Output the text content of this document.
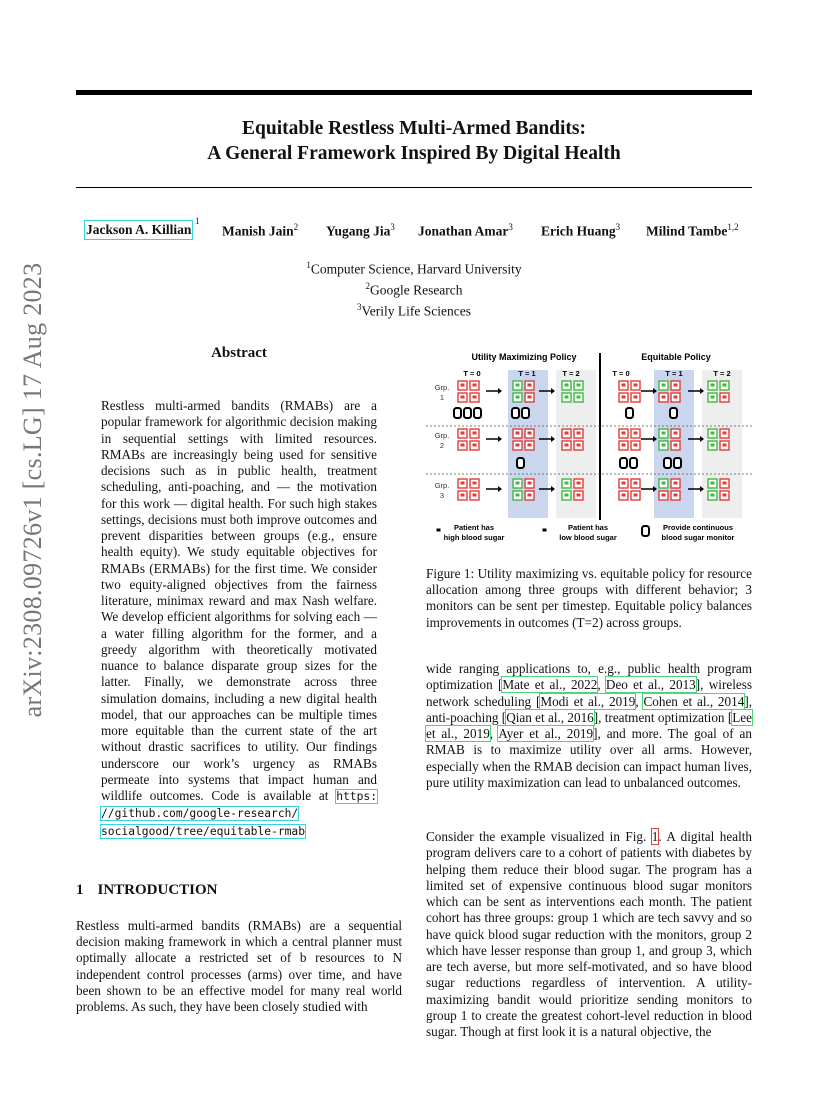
Equitable Restless Multi-Armed Bandits:
A General Framework Inspired By Digital Health
Jackson A. Killian
1
Manish Jain$^2$ Yugang Jia$^3$ Jonathan Amar$^3$ Erich Huang$^3$ Milind Tambe$^{1,2}$
$^1$Computer Science, Harvard University
$^2$Google Research
$^3$Verily Life Sciences
arXiv:2308.09726v1 [cs.LG] 17 Aug 2023	Abstract
Restless multi-armed bandits (RMABs) are a popular framework for algorithmic decision making in sequential settings with limited resources. RMABs are increasingly being used for sensitive decisions such as in public health, treatment scheduling, anti-poaching, and — the motivation for this work — digital health. For such high stakes settings, decisions must both improve outcomes and prevent disparities between groups (e.g., ensure health equity). We study equitable objectives for RMABs (ERMABs) for the first time. We consider two equity-aligned objectives from the fairness literature, minimax reward and max Nash welfare. We develop efficient algorithms for solving each — a water filling algorithm for the former, and a greedy algorithm with theoretically motivated nuance to balance disparate group sizes for the latter. Finally, we demonstrate across three simulation domains, including a new digital health model, that our approaches can be multiple times more equitable than the current state of the art without drastic sacrifices to utility. Our findings underscore our work’s urgency as RMABs permeate into systems that impact human and wildlife outcomes. Code is available at https: //github.com/google-research/ socialgood/tree/equitable-rmab
1 INTRODUCTION
Restless multi-armed bandits (RMABs) are a sequential decision making framework in which a central planner must optimally allocate a restricted set of b resources to N independent control processes (arms) over time, and have been shown to be an effective model for many real world problems. As such, they have been closely studied with
Utility Maximizing Policy	Equitable Policy
T = 0	T = 1	T = 2	T = 0	T = 1	T = 2
Grp.
1
Grp.
2
Grp.
3
Patient has
high blood sugar
Patient has
low blood sugar
Provide continuous
blood sugar monitor
Figure 1: Utility maximizing vs. equitable policy for resource allocation among three groups with different behavior; 3 monitors can be sent per timestep. Equitable policy balances improvements in outcomes (T=2) across groups.
wide ranging applications to, e.g., public health program optimization [Mate et al., 2022, Deo et al., 2013], wireless network scheduling [Modi et al., 2019, Cohen et al., 2014], anti-poaching [Qian et al., 2016], treatment optimization [Lee et al., 2019, Ayer et al., 2019], and more. The goal of an RMAB is to maximize utility over all arms. However, especially when the RMAB decision can impact human lives, pure utility maximization can lead to unbalanced outcomes.
Consider the example visualized in Fig. 1. A digital health program delivers care to a cohort of patients with diabetes by helping them reduce their blood sugar. The program has a limited set of expensive continuous blood sugar monitors which can be sent as interventions each month. The patient cohort has three groups: group 1 which are tech savvy and so have quick blood sugar reduction with the monitors, group 2 which have lesser response than group 1, and group 3, which are tech averse, but more self-motivated, and so have blood sugar reductions regardless of intervention. A utility-maximizing bandit would prioritize sending monitors to group 1 to create the greatest cohort-level reduction in blood sugar. Though at first look it is a natural objective, the
